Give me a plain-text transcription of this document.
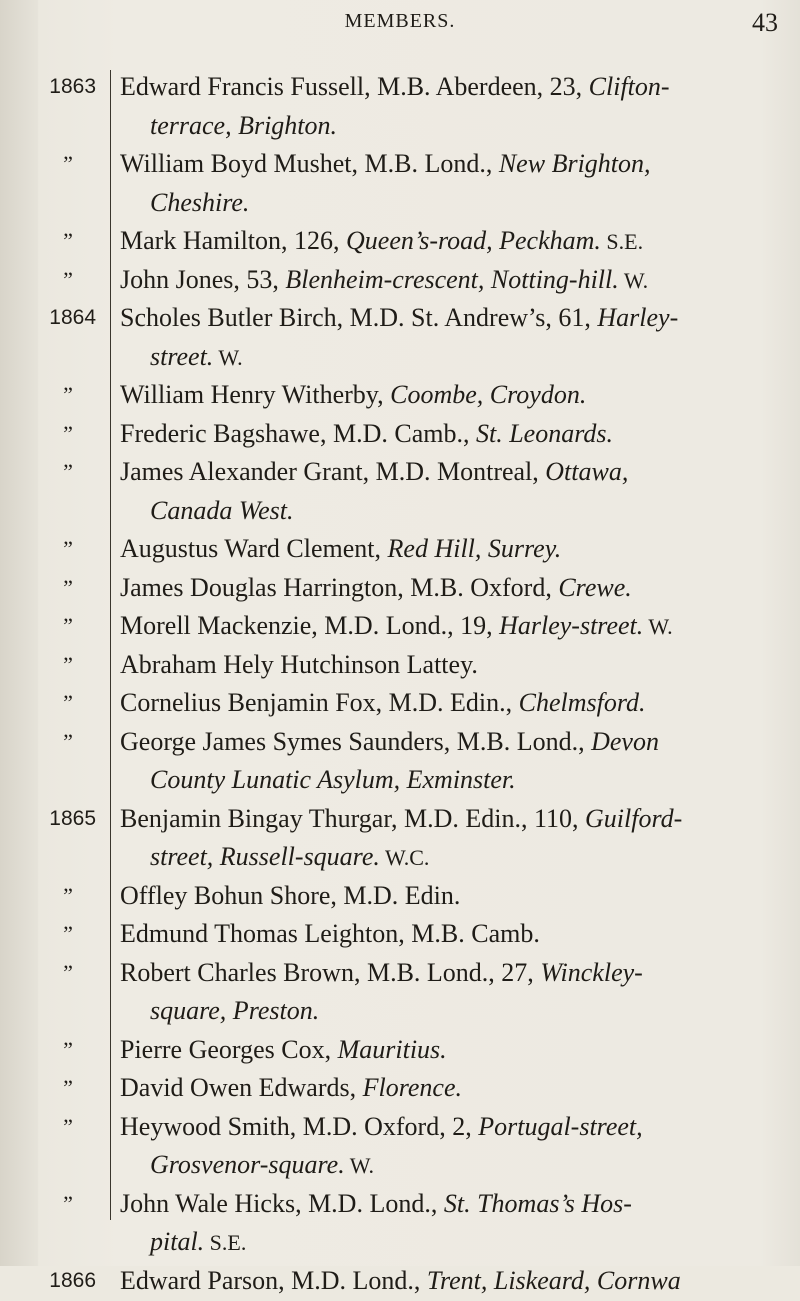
MEMBERS.	43
1863 Edward Francis Fussell, M.B. Aberdeen, 23, Clifton-
terrace, Brighton.
” William Boyd Mushet, M.B. Lond., New Brighton,
Cheshire.
” Mark Hamilton, 126, Queen’s-road, Peckham. S.E.
” John Jones, 53, Blenheim-crescent, Notting-hill. W.
1864 Scholes Butler Birch, M.D. St. Andrew’s, 61, Harley-
street. W.
” William Henry Witherby, Coombe, Croydon.
” Frederic Bagshawe, M.D. Camb., St. Leonards.
” James Alexander Grant, M.D. Montreal, Ottawa,
Canada West.
” Augustus Ward Clement, Red Hill, Surrey.
” James Douglas Harrington, M.B. Oxford, Crewe.
” Morell Mackenzie, M.D. Lond., 19, Harley-street. W.
” Abraham Hely Hutchinson Lattey.
” Cornelius Benjamin Fox, M.D. Edin., Chelmsford.
” George James Symes Saunders, M.B. Lond., Devon
County Lunatic Asylum, Exminster.
1865 Benjamin Bingay Thurgar, M.D. Edin., 110, Guilford-
street, Russell-square. W.C.
” Offley Bohun Shore, M.D. Edin.
” Edmund Thomas Leighton, M.B. Camb.
” Robert Charles Brown, M.B. Lond., 27, Winckley-
square, Preston.
” Pierre Georges Cox, Mauritius.
” David Owen Edwards, Florence.
” Heywood Smith, M.D. Oxford, 2, Portugal-street,
Grosvenor-square. W.
” John Wale Hicks, M.D. Lond., St. Thomas’s Hos-
pital. S.E.
1866 Edward Parson, M.D. Lond., Trent, Liskeard, Cornwa
